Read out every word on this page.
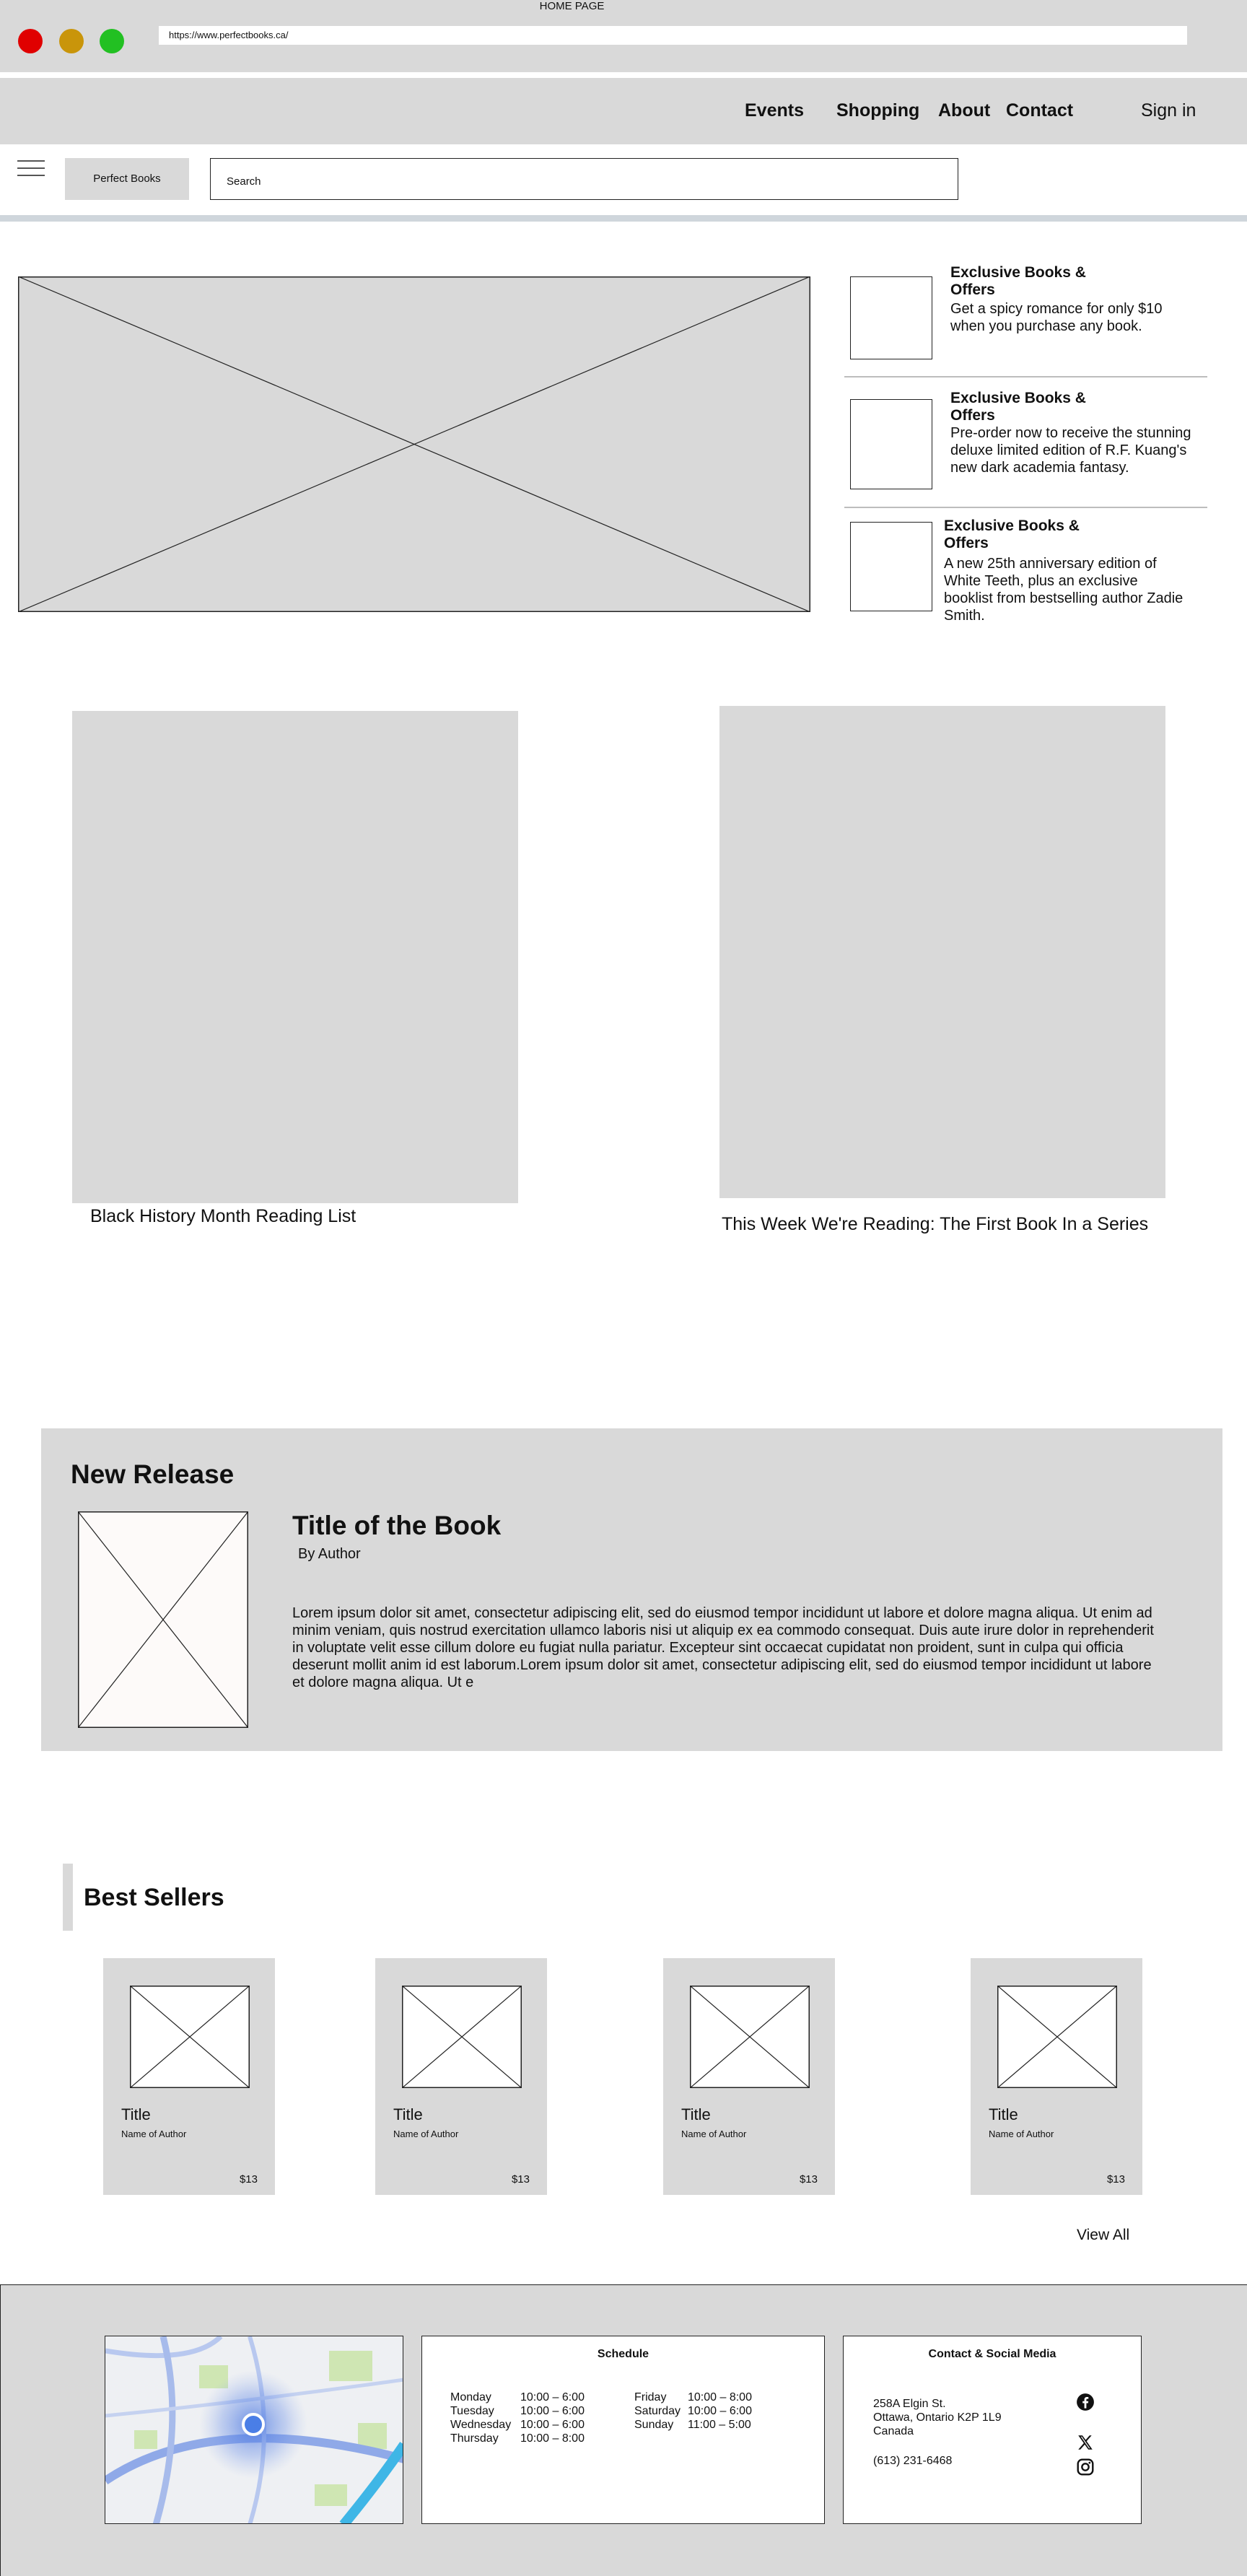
HOME PAGE
https://www.perfectbooks.ca/
Events Shopping About Contact	Sign in
Perfect Books
Search
Exclusive Books & Offers
Get a spicy romance for only $10 when you purchase any book.
Exclusive Books & Offers
Pre-order now to receive the stunning deluxe limited edition of R.F. Kuang's new dark academia fantasy.
Exclusive Books & Offers
A new 25th anniversary edition of White Teeth, plus an exclusive booklist from bestselling author Zadie Smith.
Black History Month Reading List	This Week We're Reading: The First Book In a Series
New Release
Title of the Book
By Author
Lorem ipsum dolor sit amet, consectetur adipiscing elit, sed do eiusmod tempor incididunt ut labore et dolore magna aliqua. Ut enim ad minim veniam, quis nostrud exercitation ullamco laboris nisi ut aliquip ex ea commodo consequat. Duis aute irure dolor in reprehenderit in voluptate velit esse cillum dolore eu fugiat nulla pariatur. Excepteur sint occaecat cupidatat non proident, sunt in culpa qui officia deserunt mollit anim id est laborum.Lorem ipsum dolor sit amet, consectetur adipiscing elit, sed do eiusmod tempor incididunt ut labore et dolore magna aliqua. Ut e
Best Sellers
Title
Name of Author
$13
Title
Name of Author
$13
Title
Name of Author
$13
Title
Name of Author
$13
View All
Schedule
Monday	10:00 – 6:00
Tuesday	10:00 – 6:00
Wednesday 10:00 – 6:00
Thursday	10:00 – 8:00
Friday	10:00 – 8:00
Saturday 10:00 – 6:00
Sunday	11:00 – 5:00
Contact & Social Media
258A Elgin St.
Ottawa, Ontario K2P 1L9
Canada
(613) 231-6468
